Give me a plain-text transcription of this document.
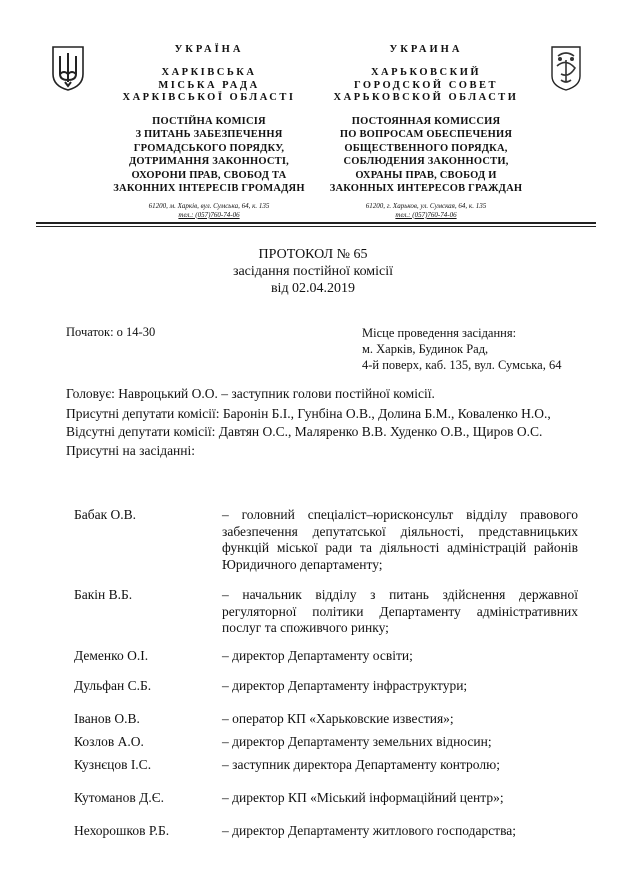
УКРАЇНА
ХАРКІВСЬКА
МІСЬКА РАДА
ХАРКІВСЬКОЇ ОБЛАСТІ
ПОСТІЙНА КОМІСІЯ
З ПИТАНЬ ЗАБЕЗПЕЧЕННЯ
ГРОМАДСЬКОГО ПОРЯДКУ,
ДОТРИМАННЯ ЗАКОННОСТІ,
ОХОРОНИ ПРАВ, СВОБОД ТА
ЗАКОННИХ ІНТЕРЕСІВ ГРОМАДЯН
61200, м. Харків, вул. Сумська, 64, к. 135
тел.: (057)760-74-06
УКРАИНА
ХАРЬКОВСКИЙ
ГОРОДСКОЙ СОВЕТ
ХАРЬКОВСКОЙ ОБЛАСТИ
ПОСТОЯННАЯ КОМИССИЯ
ПО ВОПРОСАМ ОБЕСПЕЧЕНИЯ
ОБЩЕСТВЕННОГО ПОРЯДКА,
СОБЛЮДЕНИЯ ЗАКОННОСТИ,
ОХРАНЫ ПРАВ, СВОБОД И
ЗАКОННЫХ ИНТЕРЕСОВ ГРАЖДАН
61200, г. Харьков, ул. Сумская, 64, к. 135
тел.: (057)760-74-06
ПРОТОКОЛ № 65
засідання постійної комісії
від 02.04.2019
Початок: о 14-30	Місце проведення засідання:
м. Харків, Будинок Рад,
4-й поверх, каб. 135, вул. Сумська, 64
Головує: Навроцький О.О. – заступник голови постійної комісії.
Присутні депутати комісії: Баронін Б.І., Гунбіна О.В., Долина Б.М., Коваленко Н.О.,
Відсутні депутати комісії: Давтян О.С., Маляренко В.В. Худенко О.В., Щиров О.С.
Присутні на засіданні:
Бабак О.В.	– головний спеціаліст–юрисконсульт відділу правового забезпечення депутатської діяльності, представницьких функцій міської ради та діяльності адміністрацій районів Юридичного департаменту;
Бакін В.Б.	– начальник відділу з питань здійснення державної регуляторної політики Департаменту адміністративних послуг та споживчого ринку;
Деменко О.І.	– директор Департаменту освіти;
Дульфан С.Б.	– директор Департаменту інфраструктури;
Іванов О.В.	– оператор КП «Харьковские известия»;
Козлов А.О.	– директор Департаменту земельних відносин;
Кузнєцов І.С.	– заступник директора Департаменту контролю;
Кутоманов Д.Є.	– директор КП «Міський інформаційний центр»;
Нехорошков Р.Б.	– директор Департаменту житлового господарства;
